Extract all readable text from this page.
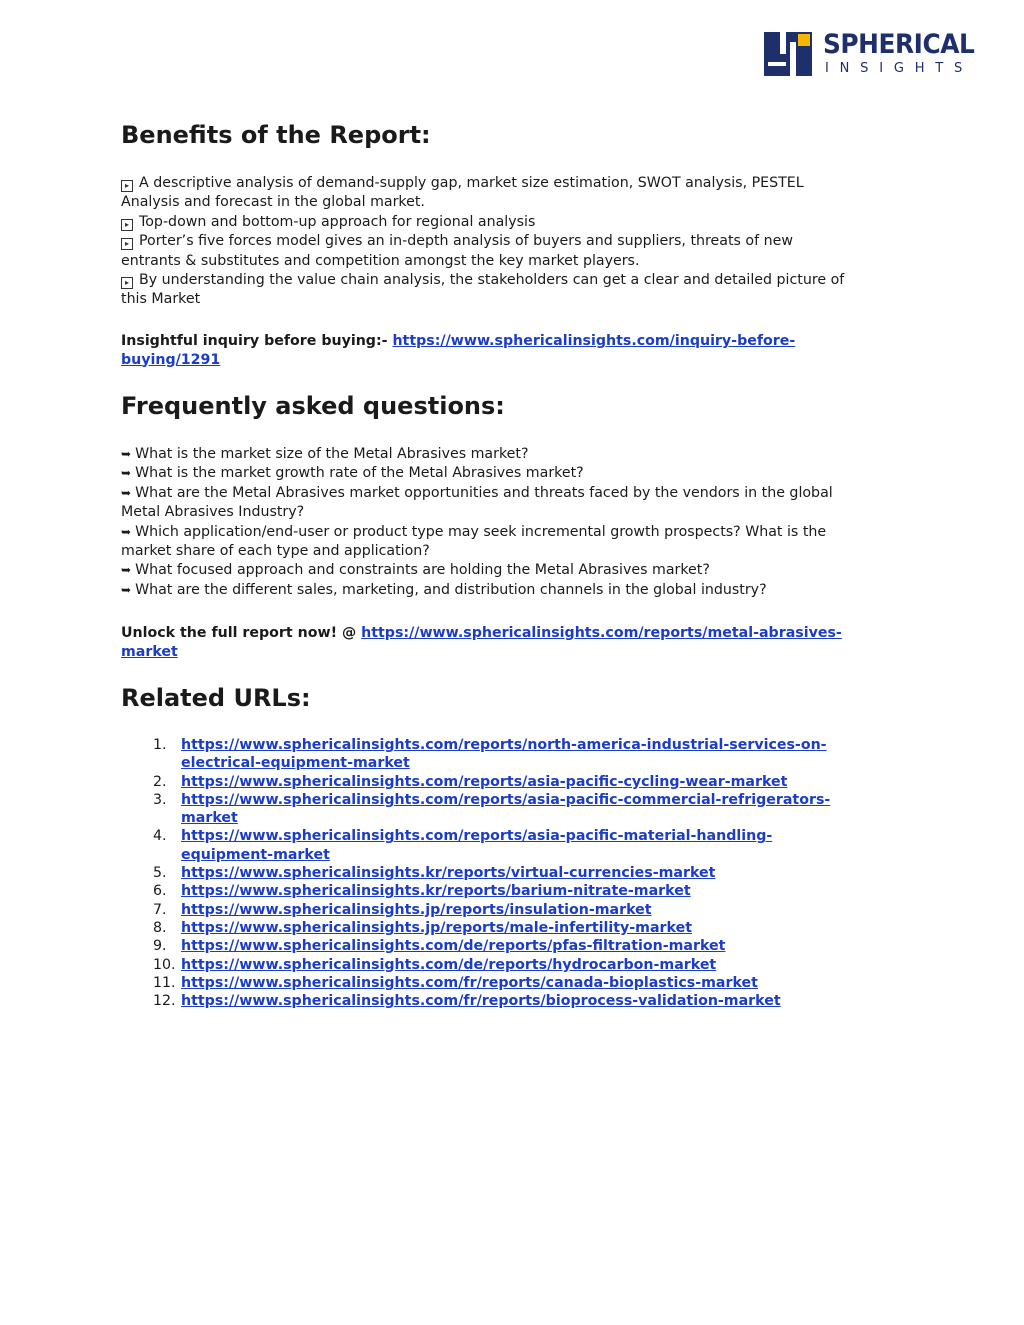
SPHERICAL
INSIGHTS
Benefits of the Report:
▸ A descriptive analysis of demand-supply gap, market size estimation, SWOT analysis, PESTEL
Analysis and forecast in the global market.
▸ Top-down and bottom-up approach for regional analysis
▸ Porter’s five forces model gives an in-depth analysis of buyers and suppliers, threats of new
entrants & substitutes and competition amongst the key market players.
▸ By understanding the value chain analysis, the stakeholders can get a clear and detailed picture of
this Market
Insightful inquiry before buying:- https://www.sphericalinsights.com/inquiry-before-
buying/1291
Frequently asked questions:
➥ What is the market size of the Metal Abrasives market?
➥ What is the market growth rate of the Metal Abrasives market?
➥ What are the Metal Abrasives market opportunities and threats faced by the vendors in the global
Metal Abrasives Industry?
➥ Which application/end-user or product type may seek incremental growth prospects? What is the
market share of each type and application?
➥ What focused approach and constraints are holding the Metal Abrasives market?
➥ What are the different sales, marketing, and distribution channels in the global industry?
Unlock the full report now! @ https://www.sphericalinsights.com/reports/metal-abrasives-
market
Related URLs:
1.	https://www.sphericalinsights.com/reports/north-america-industrial-services-on-
electrical-equipment-market
2.	https://www.sphericalinsights.com/reports/asia-pacific-cycling-wear-market
3.	https://www.sphericalinsights.com/reports/asia-pacific-commercial-refrigerators-
market
4.	https://www.sphericalinsights.com/reports/asia-pacific-material-handling-
equipment-market
5.	https://www.sphericalinsights.kr/reports/virtual-currencies-market
6.	https://www.sphericalinsights.kr/reports/barium-nitrate-market
7.	https://www.sphericalinsights.jp/reports/insulation-market
8.	https://www.sphericalinsights.jp/reports/male-infertility-market
9.	https://www.sphericalinsights.com/de/reports/pfas-filtration-market
10. https://www.sphericalinsights.com/de/reports/hydrocarbon-market
11. https://www.sphericalinsights.com/fr/reports/canada-bioplastics-market
12. https://www.sphericalinsights.com/fr/reports/bioprocess-validation-market
